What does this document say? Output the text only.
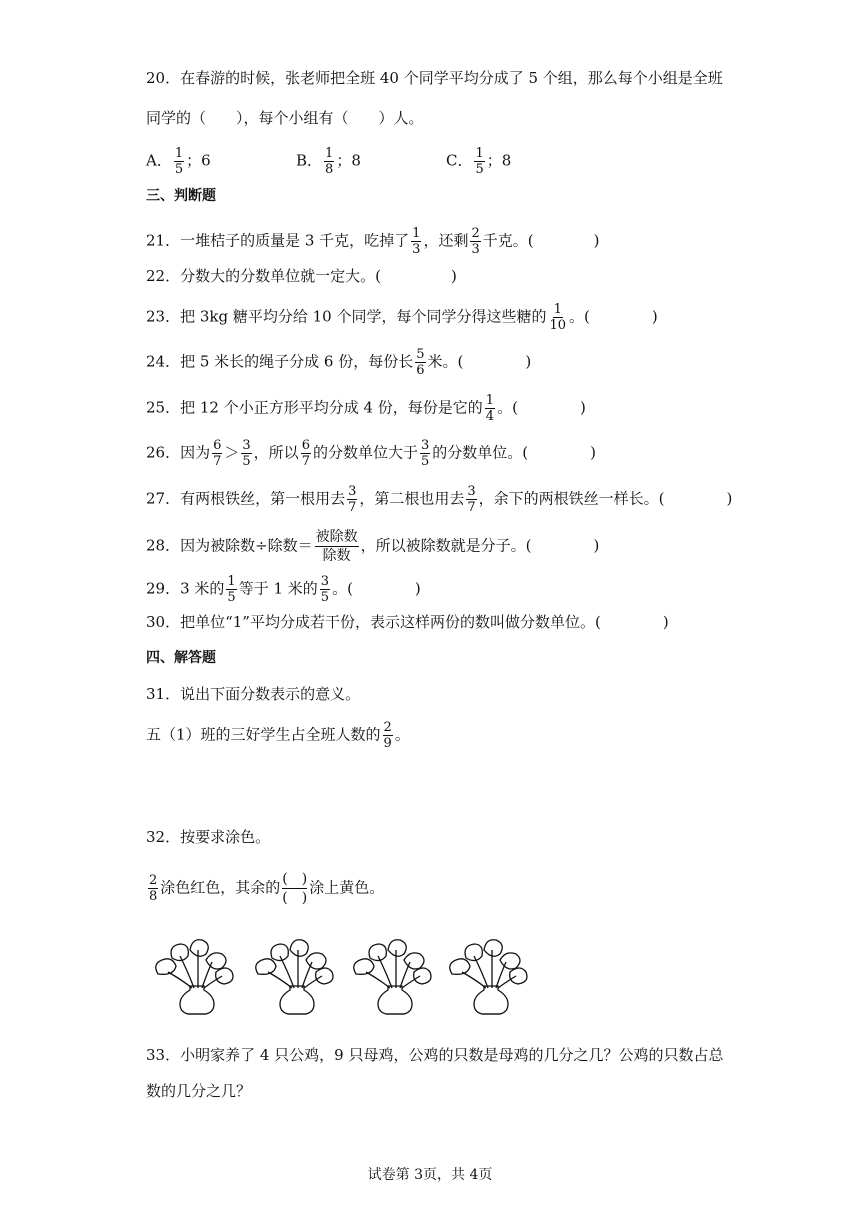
20．在春游的时候，张老师把全班 40 个同学平均分成了 5 个组，那么每个小组是全班
同学的（　　），每个小组有（　　）人。
A． $\frac{1}{5}$ ；6	B． $\frac{1}{8}$ ；8	C． $\frac{1}{5}$ ；8
三、判断题
21．一堆桔子的质量是 3 千克，吃掉了 $\frac{1}{3}$ ，还剩 $\frac{2}{3}$ 千克。(	)
22．分数大的分数单位就一定大。(	)
23．把 3kg 糖平均分给 10 个同学，每个同学分得这些糖的 $\frac{1}{10}$ 。(	)
24．把 5 米长的绳子分成 6 份，每份长 $\frac{5}{6}$ 米。(	)
25．把 12 个小正方形平均分成 4 份，每份是它的 $\frac{1}{4}$ 。(	)
26．因为 $\frac{6}{7} > \frac{3}{5}$ ，所以 $\frac{6}{7}$ 的分数单位大于 $\frac{3}{5}$ 的分数单位。(	)
27．有两根铁丝，第一根用去 $\frac{3}{7}$ ，第二根也用去 $\frac{3}{7}$ ，余下的两根铁丝一样长。(	)
28．因为被除数÷除数＝ $\frac{\text{被除数}}{\text{除数}}$ ，所以被除数就是分子。(	)
29．3 米的 $\frac{1}{5}$ 等于 1 米的 $\frac{3}{5}$ 。(	)
30．把单位“1”平均分成若干份，表示这样两份的数叫做分数单位。(	)
四、解答题
31．说出下面分数表示的意义。
五（1）班的三好学生占全班人数的 $\frac{2}{9}$ 。
32．按要求涂色。
$\frac{2}{8}$ 涂色红色，其余的 (　)
(　)
涂上黄色。
33．小明家养了 4 只公鸡，9 只母鸡，公鸡的只数是母鸡的几分之几？公鸡的只数占总
数的几分之几？
试卷第 3页，共 4页
